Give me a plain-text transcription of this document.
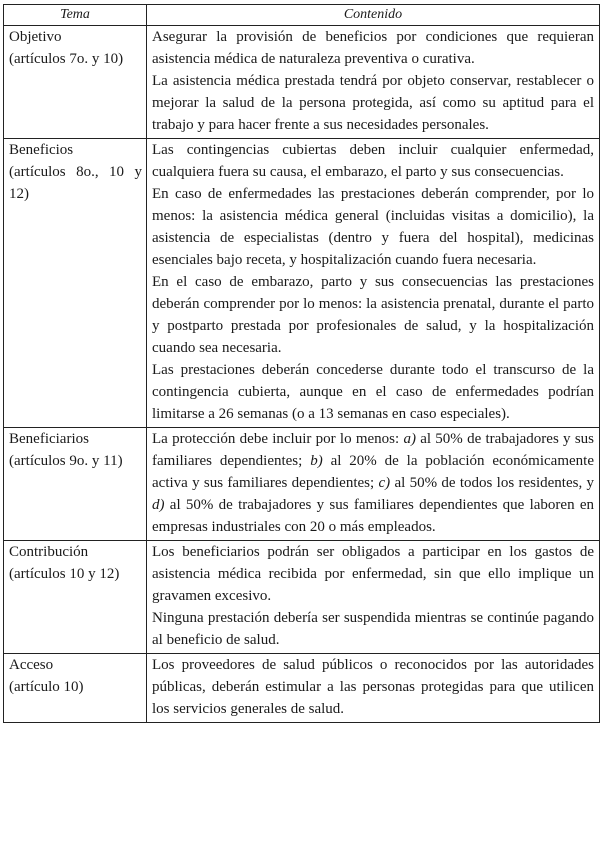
Tema	Contenido

Objetivo
(artículos 7o. y 10)	Asegurar la provisión de beneficios por condiciones que requieran asistencia médica de naturaleza preventiva o curativa.
La asistencia médica prestada tendrá por objeto conservar, restablecer o mejorar la salud de la persona protegida, así como su aptitud para el trabajo y para hacer frente a sus necesidades personales.

Beneficios
(artículos 8o., 10 y 12)	Las contingencias cubiertas deben incluir cualquier enfermedad, cualquiera fuera su causa, el embarazo, el parto y sus consecuencias.
En caso de enfermedades las prestaciones deberán comprender, por lo menos: la asistencia médica general (incluidas visitas a domicilio), la asistencia de especialistas (dentro y fuera del hospital), medicinas esenciales bajo receta, y hospitalización cuando fuera necesaria.
En el caso de embarazo, parto y sus consecuencias las prestaciones deberán comprender por lo menos: la asistencia prenatal, durante el parto y postparto prestada por profesionales de salud, y la hospitalización cuando sea necesaria.
Las prestaciones deberán concederse durante todo el transcurso de la contingencia cubierta, aunque en el caso de enfermedades podrían limitarse a 26 semanas (o a 13 semanas en caso especiales).

Beneficiarios
(artículos 9o. y 11)	La protección debe incluir por lo menos: a) al 50% de trabajadores y sus familiares dependientes; b) al 20% de la población económicamente activa y sus familiares dependientes; c) al 50% de todos los residentes, y d) al 50% de trabajadores y sus familiares dependientes que laboren en empresas industriales con 20 o más empleados.

Contribución
(artículos 10 y 12)	Los beneficiarios podrán ser obligados a participar en los gastos de asistencia médica recibida por enfermedad, sin que ello implique un gravamen excesivo.
Ninguna prestación debería ser suspendida mientras se continúe pagando al beneficio de salud.

Acceso
(artículo 10)	Los proveedores de salud públicos o reconocidos por las autoridades públicas, deberán estimular a las personas protegidas para que utilicen los servicios generales de salud.
